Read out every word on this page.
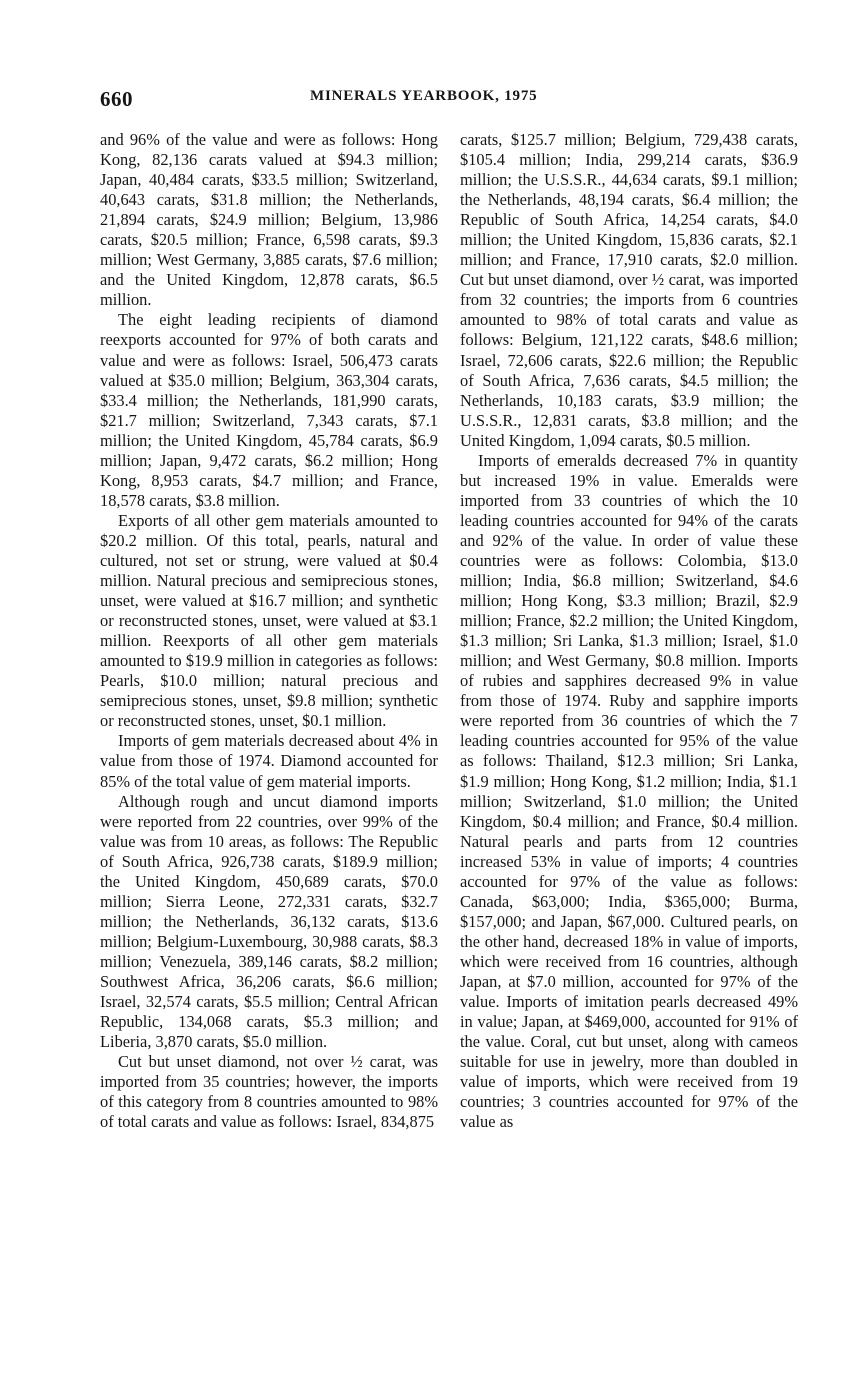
660	MINERALS YEARBOOK, 1975

and 96% of the value and were as follows: Hong Kong, 82,136 carats valued at $94.3 million; Japan, 40,484 carats, $33.5 million; Switzerland, 40,643 carats, $31.8 million; the Netherlands, 21,894 carats, $24.9 million; Belgium, 13,986 carats, $20.5 million; France, 6,598 carats, $9.3 million; West Germany, 3,885 carats, $7.6 million; and the United Kingdom, 12,878 carats, $6.5 million.

The eight leading recipients of diamond reexports accounted for 97% of both carats and value and were as follows: Israel, 506,473 carats valued at $35.0 million; Belgium, 363,304 carats, $33.4 million; the Netherlands, 181,990 carats, $21.7 million; Switzerland, 7,343 carats, $7.1 million; the United Kingdom, 45,784 carats, $6.9 million; Japan, 9,472 carats, $6.2 million; Hong Kong, 8,953 carats, $4.7 million; and France, 18,578 carats, $3.8 million.

Exports of all other gem materials amounted to $20.2 million. Of this total, pearls, natural and cultured, not set or strung, were valued at $0.4 million. Natural precious and semiprecious stones, unset, were valued at $16.7 million; and synthetic or reconstructed stones, unset, were valued at $3.1 million. Reexports of all other gem materials amounted to $19.9 million in categories as follows: Pearls, $10.0 million; natural precious and semiprecious stones, unset, $9.8 million; synthetic or reconstructed stones, unset, $0.1 million.

Imports of gem materials decreased about 4% in value from those of 1974. Diamond accounted for 85% of the total value of gem material imports.

Although rough and uncut diamond imports were reported from 22 countries, over 99% of the value was from 10 areas, as follows: The Republic of South Africa, 926,738 carats, $189.9 million; the United Kingdom, 450,689 carats, $70.0 million; Sierra Leone, 272,331 carats, $32.7 million; the Netherlands, 36,132 carats, $13.6 million; Belgium-Luxembourg, 30,988 carats, $8.3 million; Venezuela, 389,146 carats, $8.2 million; Southwest Africa, 36,206 carats, $6.6 million; Israel, 32,574 carats, $5.5 million; Central African Republic, 134,068 carats, $5.3 million; and Liberia, 3,870 carats, $5.0 million.

Cut but unset diamond, not over ½ carat, was imported from 35 countries; however, the imports of this category from 8 countries amounted to 98% of total carats and value as follows: Israel, 834,875

carats, $125.7 million; Belgium, 729,438 carats, $105.4 million; India, 299,214 carats, $36.9 million; the U.S.S.R., 44,634 carats, $9.1 million; the Netherlands, 48,194 carats, $6.4 million; the Republic of South Africa, 14,254 carats, $4.0 million; the United Kingdom, 15,836 carats, $2.1 million; and France, 17,910 carats, $2.0 million. Cut but unset diamond, over ½ carat, was imported from 32 countries; the imports from 6 countries amounted to 98% of total carats and value as follows: Belgium, 121,122 carats, $48.6 million; Israel, 72,606 carats, $22.6 million; the Republic of South Africa, 7,636 carats, $4.5 million; the Netherlands, 10,183 carats, $3.9 million; the U.S.S.R., 12,831 carats, $3.8 million; and the United Kingdom, 1,094 carats, $0.5 million.

Imports of emeralds decreased 7% in quantity but increased 19% in value. Emeralds were imported from 33 countries of which the 10 leading countries accounted for 94% of the carats and 92% of the value. In order of value these countries were as follows: Colombia, $13.0 million; India, $6.8 million; Switzerland, $4.6 million; Hong Kong, $3.3 million; Brazil, $2.9 million; France, $2.2 million; the United Kingdom, $1.3 million; Sri Lanka, $1.3 million; Israel, $1.0 million; and West Germany, $0.8 million. Imports of rubies and sapphires decreased 9% in value from those of 1974. Ruby and sapphire imports were reported from 36 countries of which the 7 leading countries accounted for 95% of the value as follows: Thailand, $12.3 million; Sri Lanka, $1.9 million; Hong Kong, $1.2 million; India, $1.1 million; Switzerland, $1.0 million; the United Kingdom, $0.4 million; and France, $0.4 million. Natural pearls and parts from 12 countries increased 53% in value of imports; 4 countries accounted for 97% of the value as follows: Canada, $63,000; India, $365,000; Burma, $157,000; and Japan, $67,000. Cultured pearls, on the other hand, decreased 18% in value of imports, which were received from 16 countries, although Japan, at $7.0 million, accounted for 97% of the value. Imports of imitation pearls decreased 49% in value; Japan, at $469,000, accounted for 91% of the value. Coral, cut but unset, along with cameos suitable for use in jewelry, more than doubled in value of imports, which were received from 19 countries; 3 countries accounted for 97% of the value as
